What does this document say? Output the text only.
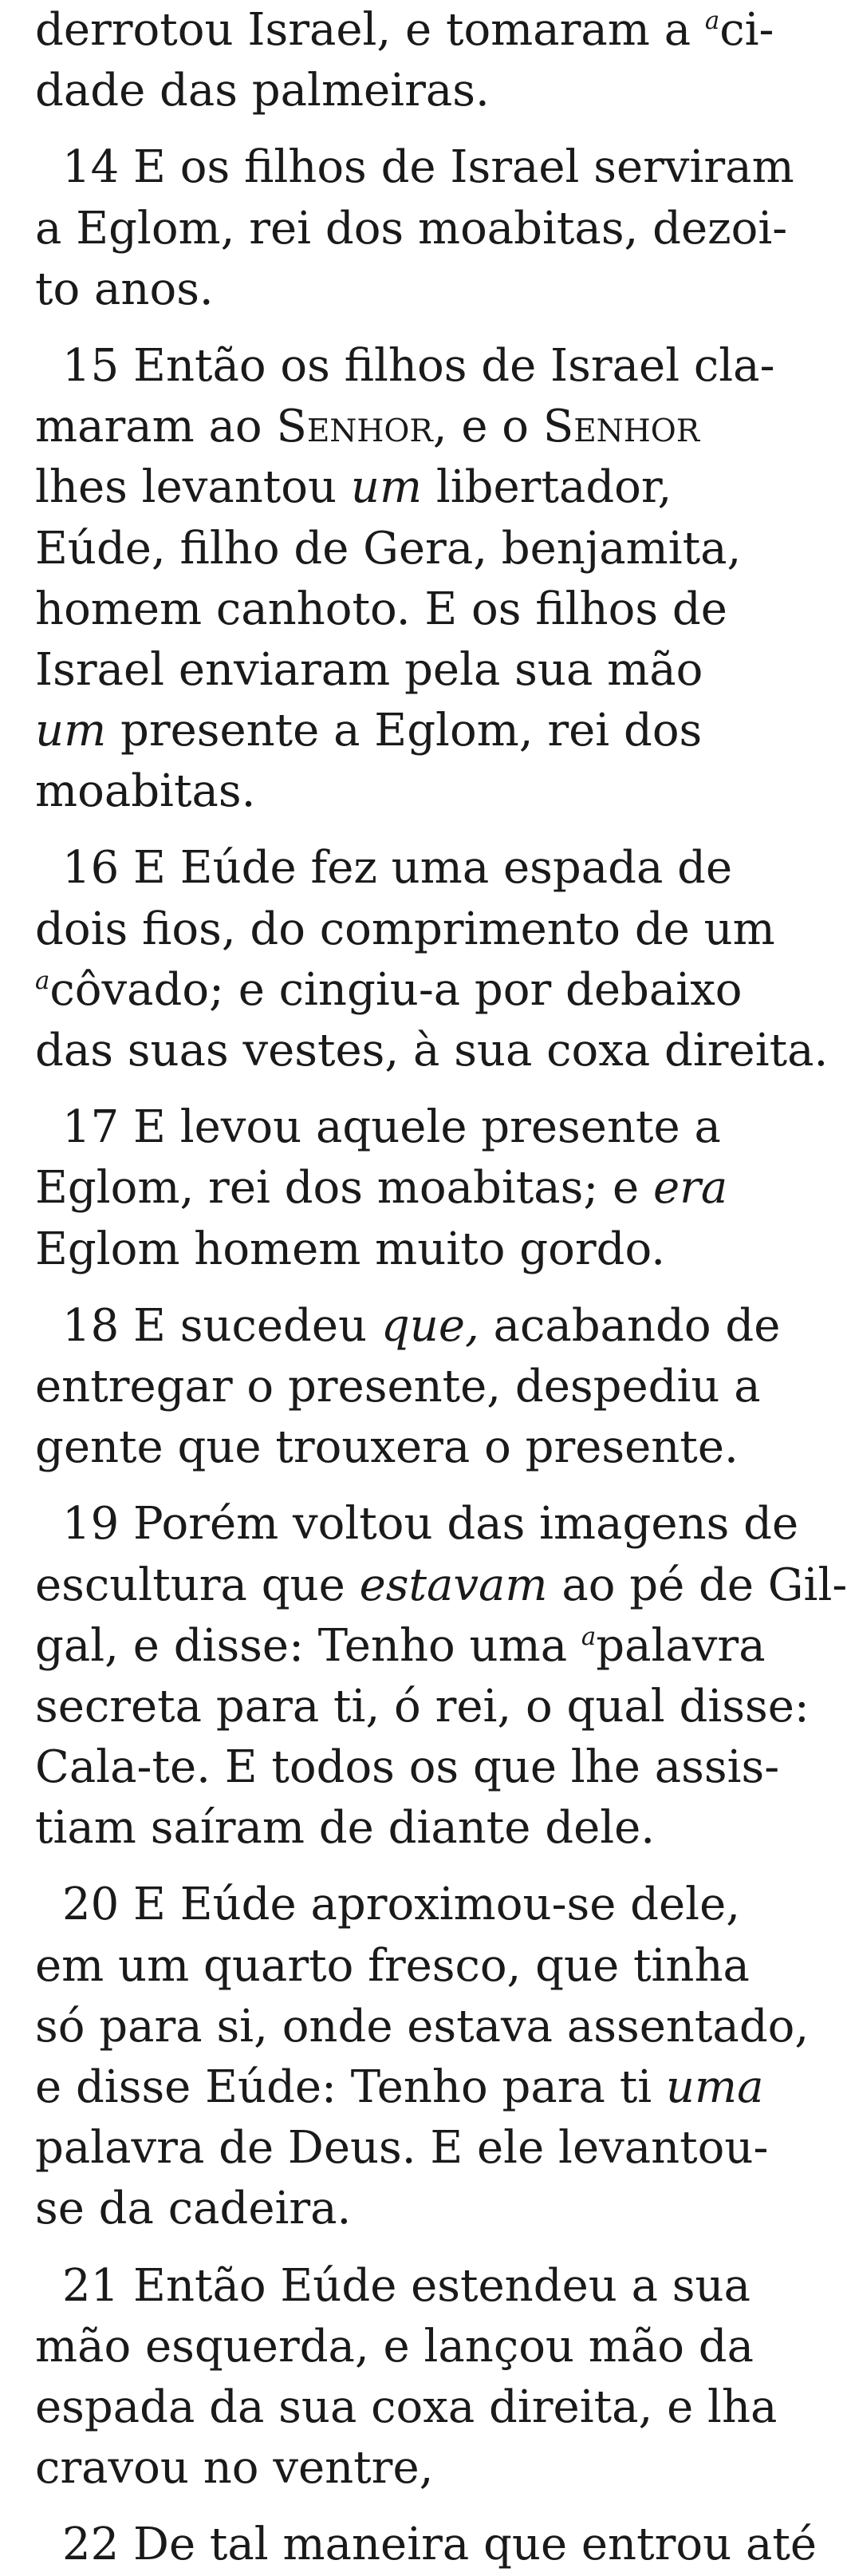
derrotou Israel, e tomaram a $^a$ci-
dade das palmeiras.
14 E os filhos de Israel serviram
a Eglom, rei dos moabitas, dezoi-
to anos.
15 Então os filhos de Israel cla-
maram ao Senhor, e o Senhor
lhes levantou um libertador,
Eúde, filho de Gera, benjamita,
homem canhoto. E os filhos de
Israel enviaram pela sua mão
um presente a Eglom, rei dos
moabitas.
16 E Eúde fez uma espada de
dois fios, do comprimento de um
$^a$côvado; e cingiu-a por debaixo
das suas vestes, à sua coxa direita.
17 E levou aquele presente a
Eglom, rei dos moabitas; e era
Eglom homem muito gordo.
18 E sucedeu que, acabando de
entregar o presente, despediu a
gente que trouxera o presente.
19 Porém voltou das imagens de
escultura que estavam ao pé de Gil-
gal, e disse: Tenho uma $^a$palavra
secreta para ti, ó rei, o qual disse:
Cala-te. E todos os que lhe assis-
tiam saíram de diante dele.
20 E Eúde aproximou-se dele,
em um quarto fresco, que tinha
só para si, onde estava assentado,
e disse Eúde: Tenho para ti uma
palavra de Deus. E ele levantou-
se da cadeira.
21 Então Eúde estendeu a sua
mão esquerda, e lançou mão da
espada da sua coxa direita, e lha
cravou no ventre,
22 De tal maneira que entrou até
